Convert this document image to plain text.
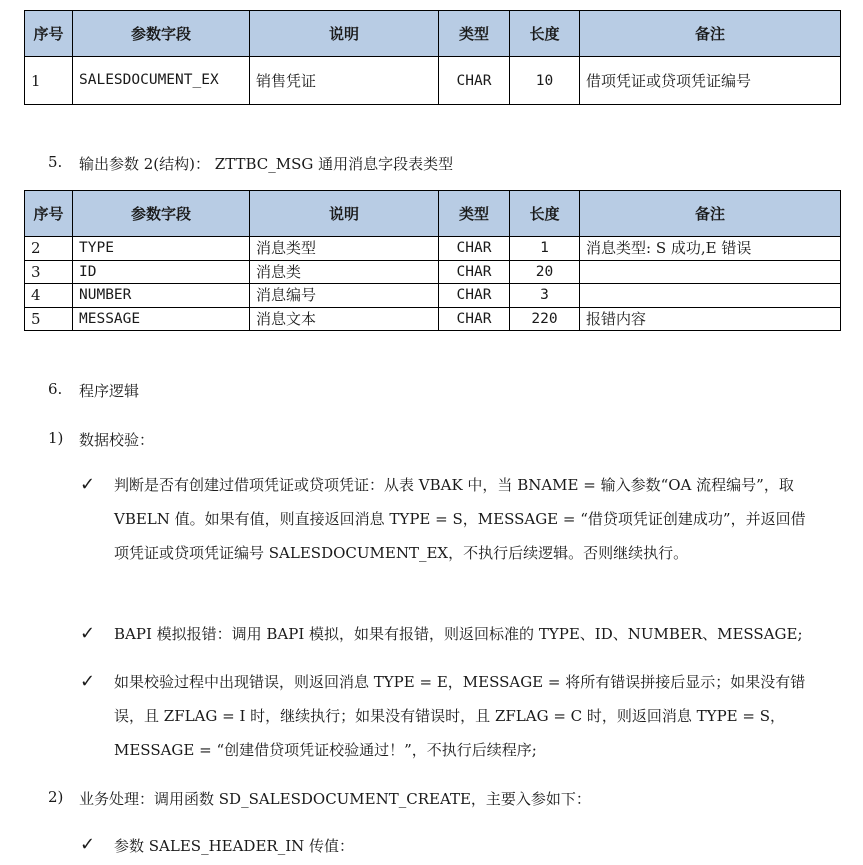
序号	参数字段	说明	类型	长度	备注
1	SALESDOCUMENT_EX	销售凭证	CHAR	10	借项凭证或贷项凭证编号
5. 输出参数 2(结构)： ZTTBC_MSG 通用消息字段表类型
序号	参数字段	说明	类型	长度	备注
2	TYPE	消息类型	CHAR	1	消息类型: S 成功,E 错误
3	ID	消息类	CHAR	20	
4	NUMBER	消息编号	CHAR	3	
5	MESSAGE	消息文本	CHAR	220	报错内容
6. 程序逻辑
1) 数据校验：
✓ 判断是否有创建过借项凭证或贷项凭证：从表 VBAK 中，当 BNAME = 输入参数“OA 流程编号”，取 VBELN 值。如果有值，则直接返回消息 TYPE = S，MESSAGE = “借贷项凭证创建成功”，并返回借项凭证或贷项凭证编号 SALESDOCUMENT_EX，不执行后续逻辑。否则继续执行。
✓ BAPI 模拟报错：调用 BAPI 模拟，如果有报错，则返回标准的 TYPE、ID、NUMBER、MESSAGE;
✓ 如果校验过程中出现错误，则返回消息 TYPE = E，MESSAGE = 将所有错误拼接后显示；如果没有错误，且 ZFLAG = I 时，继续执行；如果没有错误时，且 ZFLAG = C 时，则返回消息 TYPE = S，MESSAGE = “创建借贷项凭证校验通过！”，不执行后续程序;
2) 业务处理：调用函数 SD_SALESDOCUMENT_CREATE，主要入参如下：
✓ 参数 SALES_HEADER_IN 传值：
